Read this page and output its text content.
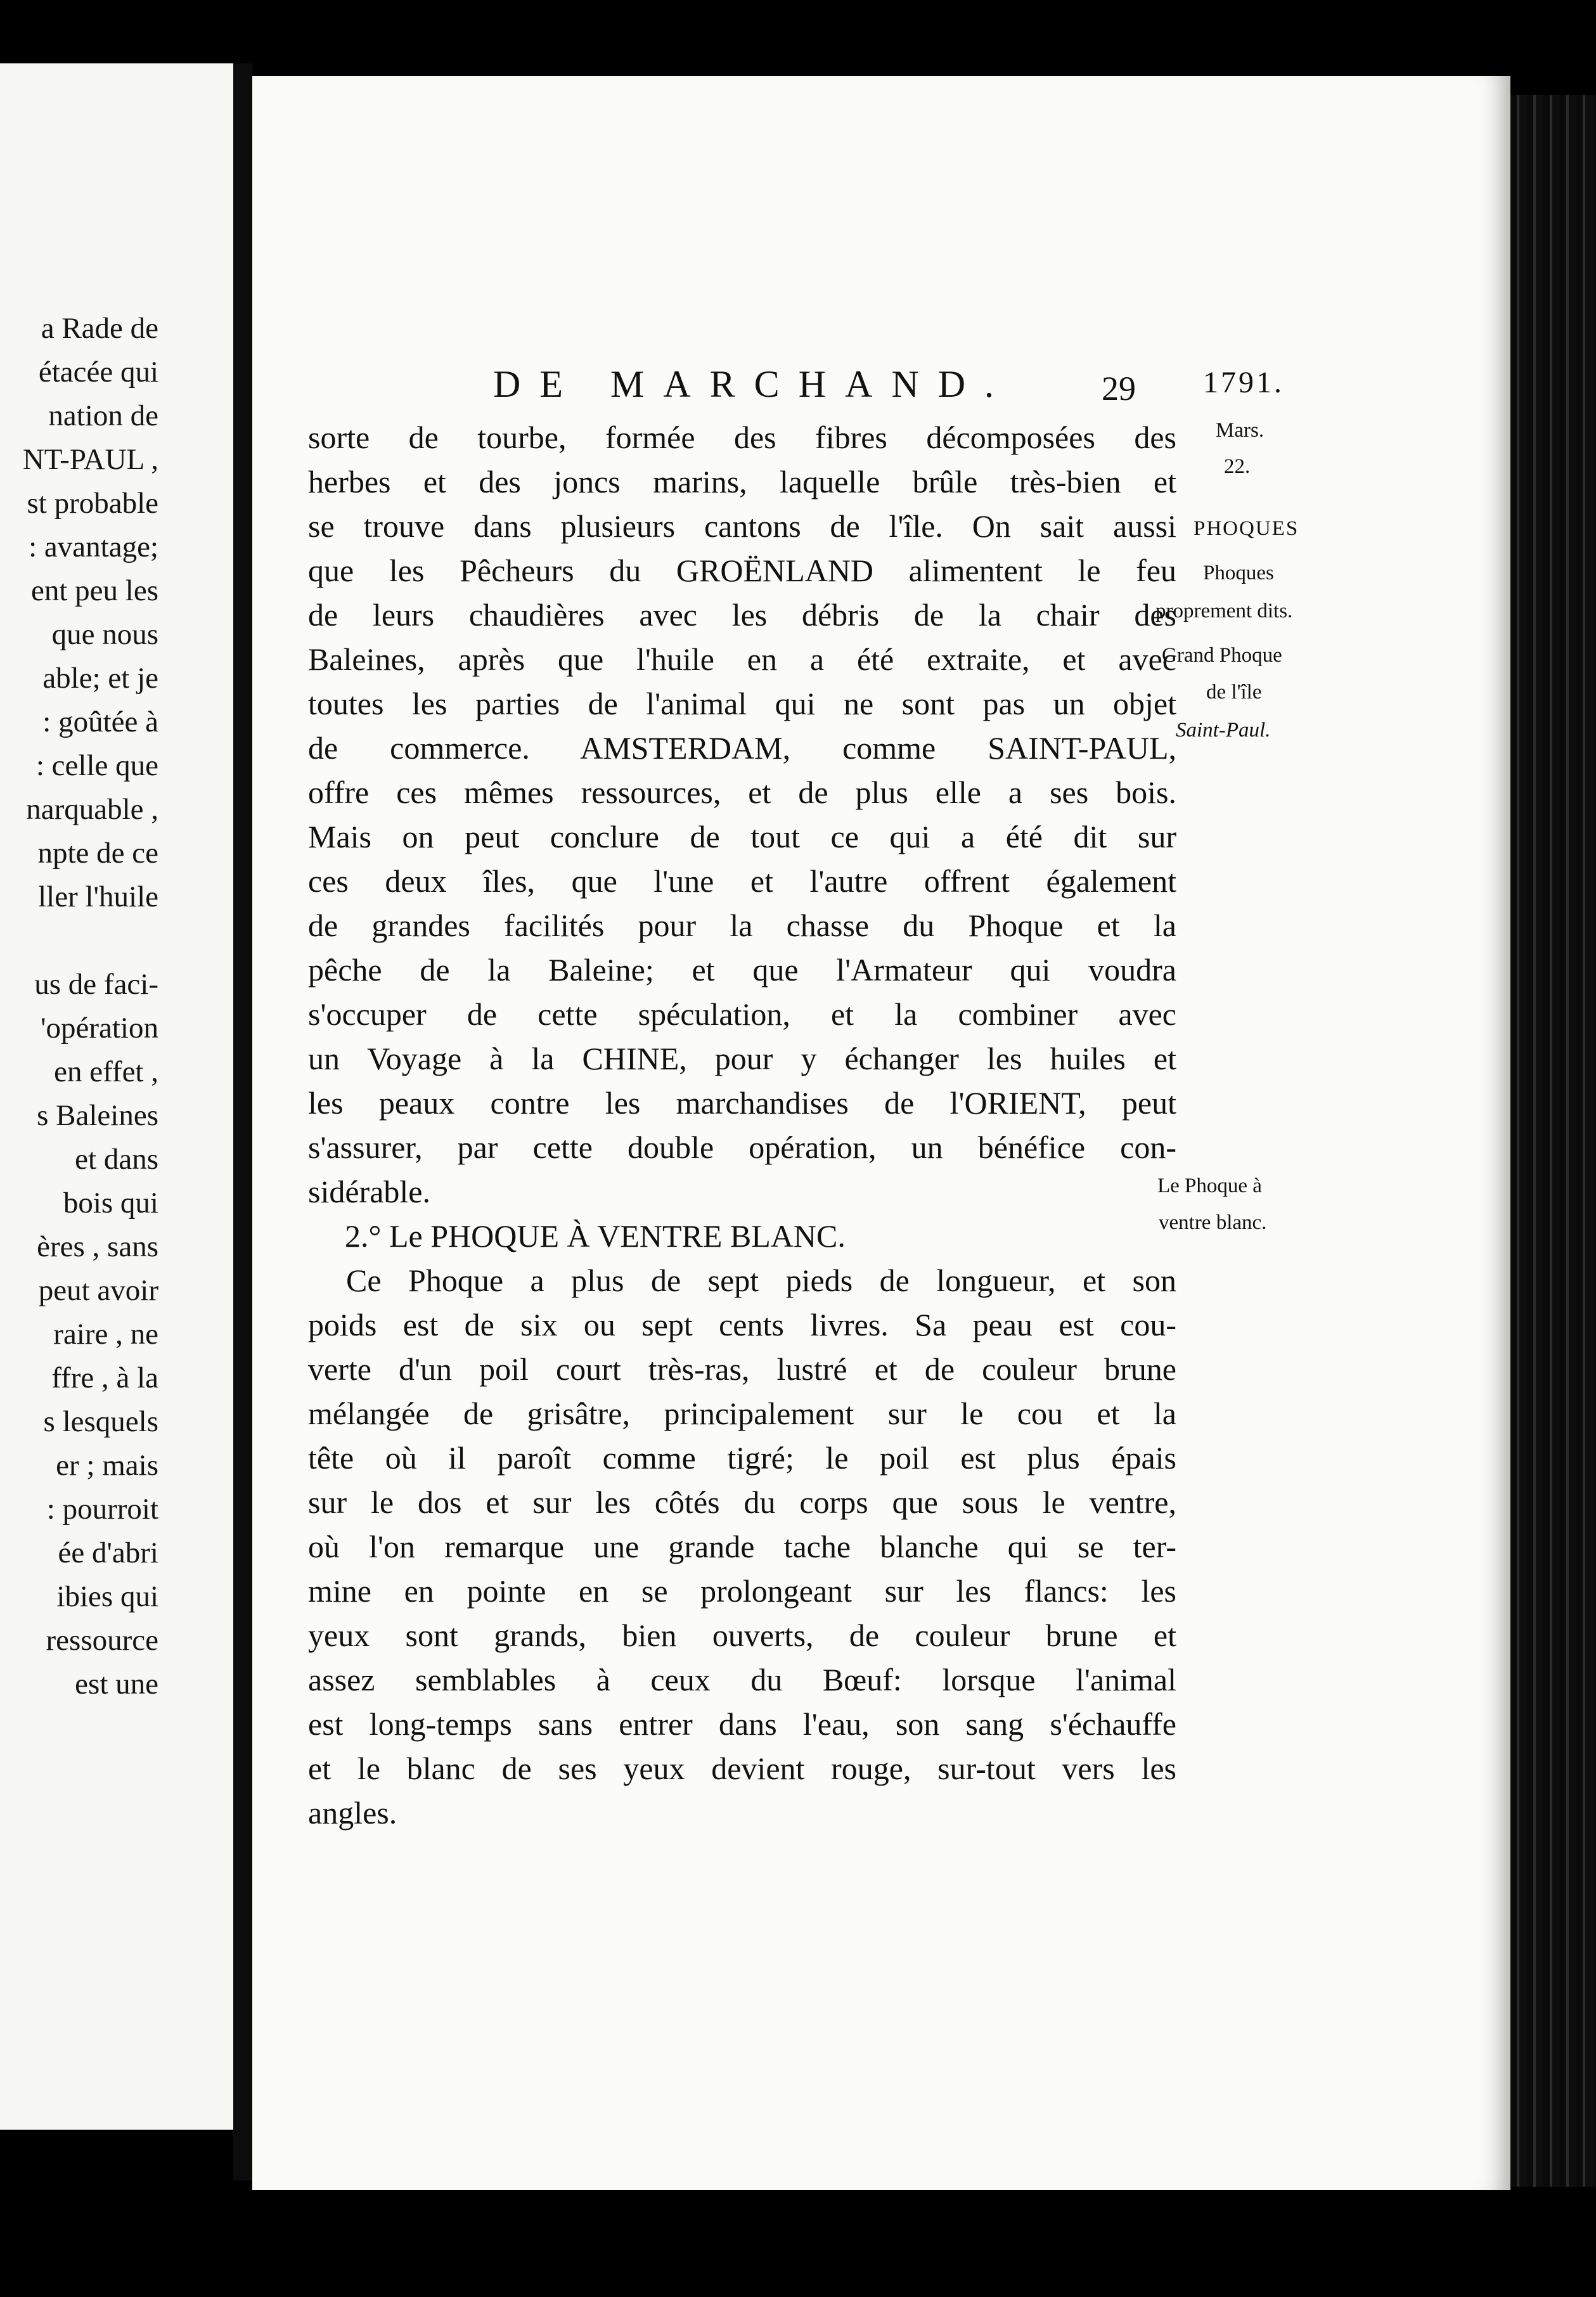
a Rade de
étacée qui
nation de
NT-PAUL ,
st probable
: avantage;
ent peu les
que nous
able; et je
: goûtée à
: celle que
narquable ,
npte de ce
ller l'huile
us de faci-
'opération
en effet ,
s Baleines
et dans
bois qui
ères , sans
peut avoir
raire , ne
ffre , à la
s lesquels
er ; mais
: pourroit
ée d'abri
ibies qui
ressource
est une
DE MARCHAND.	29
sorte de tourbe, formée des fibres décomposées des
herbes et des joncs marins, laquelle brûle très-bien et
se trouve dans plusieurs cantons de l'île. On sait aussi
que les Pêcheurs du GROËNLAND alimentent le feu
de leurs chaudières avec les débris de la chair des
Baleines, après que l'huile en a été extraite, et avec
toutes les parties de l'animal qui ne sont pas un objet
de commerce. AMSTERDAM, comme SAINT-PAUL,
offre ces mêmes ressources, et de plus elle a ses bois.
Mais on peut conclure de tout ce qui a été dit sur
ces deux îles, que l'une et l'autre offrent également
de grandes facilités pour la chasse du Phoque et la
pêche de la Baleine; et que l'Armateur qui voudra
s'occuper de cette spéculation, et la combiner avec
un Voyage à la CHINE, pour y échanger les huiles et
les peaux contre les marchandises de l'ORIENT, peut
s'assurer, par cette double opération, un bénéfice con-
sidérable.
2.° Le PHOQUE À VENTRE BLANC.
Ce Phoque a plus de sept pieds de longueur, et son
poids est de six ou sept cents livres. Sa peau est cou-
verte d'un poil court très-ras, lustré et de couleur brune
mélangée de grisâtre, principalement sur le cou et la
tête où il paroît comme tigré; le poil est plus épais
sur le dos et sur les côtés du corps que sous le ventre,
où l'on remarque une grande tache blanche qui se ter-
mine en pointe en se prolongeant sur les flancs: les
yeux sont grands, bien ouverts, de couleur brune et
assez semblables à ceux du Bœuf: lorsque l'animal
est long-temps sans entrer dans l'eau, son sang s'échauffe
et le blanc de ses yeux devient rouge, sur-tout vers les
angles.
1791.
Mars.
22.
PHOQUES
Phoques
proprement dits.
Grand Phoque
de l'île
Saint-Paul.
Le Phoque à
ventre blanc.
